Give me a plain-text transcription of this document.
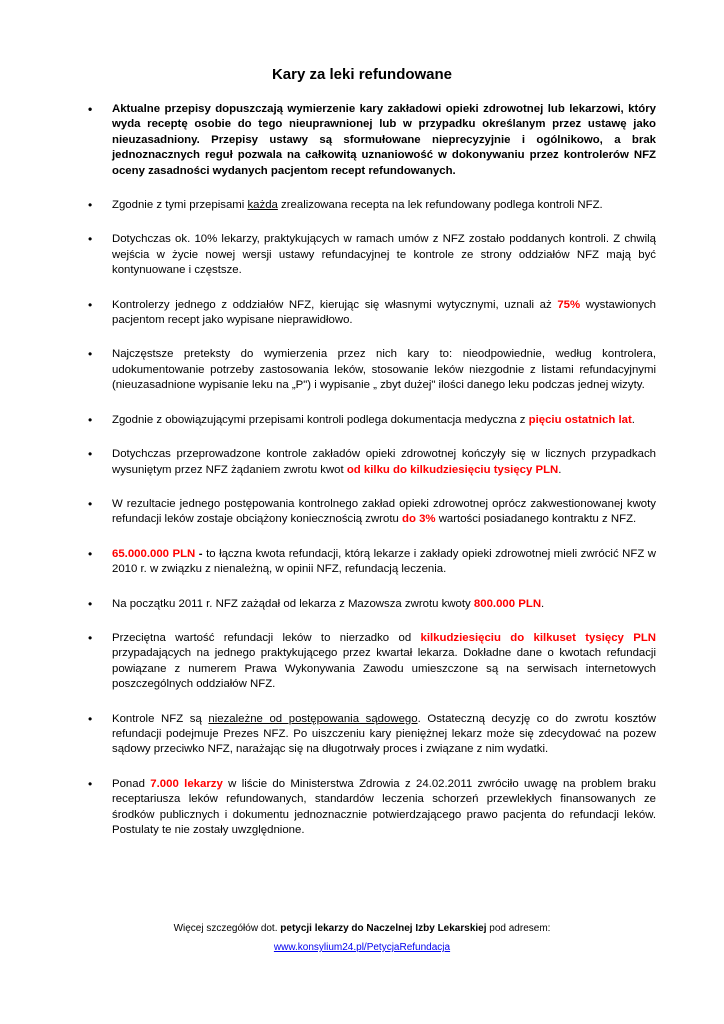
Kary za leki refundowane
• Aktualne przepisy dopuszczają wymierzenie kary zakładowi opieki zdrowotnej lub lekarzowi, który wyda receptę osobie do tego nieuprawnionej lub w przypadku określanym przez ustawę jako nieuzasadniony. Przepisy ustawy są sformułowane nieprecyzyjnie i ogólnikowo, a brak jednoznacznych reguł pozwala na całkowitą uznaniowość w dokonywaniu przez kontrolerów NFZ oceny zasadności wydanych pacjentom recept refundowanych.
• Zgodnie z tymi przepisami każda zrealizowana recepta na lek refundowany podlega kontroli NFZ.
• Dotychczas ok. 10% lekarzy, praktykujących w ramach umów z NFZ zostało poddanych kontroli. Z chwilą wejścia w życie nowej wersji ustawy refundacyjnej te kontrole ze strony oddziałów NFZ mają być kontynuowane i częstsze.
• Kontrolerzy jednego z oddziałów NFZ, kierując się własnymi wytycznymi, uznali aż 75% wystawionych pacjentom recept jako wypisane nieprawidłowo.
• Najczęstsze preteksty do wymierzenia przez nich kary to: nieodpowiednie, według kontrolera, udokumentowanie potrzeby zastosowania leków, stosowanie leków niezgodnie z listami refundacyjnymi (nieuzasadnione wypisanie leku na „P") i wypisanie „ zbyt dużej" ilości danego leku podczas jednej wizyty.
• Zgodnie z obowiązującymi przepisami kontroli podlega dokumentacja medyczna z pięciu ostatnich lat.
• Dotychczas przeprowadzone kontrole zakładów opieki zdrowotnej kończyły się w licznych przypadkach wysuniętym przez NFZ żądaniem zwrotu kwot od kilku do kilkudziesięciu tysięcy PLN.
• W rezultacie jednego postępowania kontrolnego zakład opieki zdrowotnej oprócz zakwestionowanej kwoty refundacji leków zostaje obciążony koniecznością zwrotu do 3% wartości posiadanego kontraktu z NFZ.
• 65.000.000 PLN - to łączna kwota refundacji, którą lekarze i zakłady opieki zdrowotnej mieli zwrócić NFZ w 2010 r. w związku z nienależną, w opinii NFZ, refundacją leczenia.
• Na początku 2011 r. NFZ zażądał od lekarza z Mazowsza zwrotu kwoty 800.000 PLN.
• Przeciętna wartość refundacji leków to nierzadko od kilkudziesięciu do kilkuset tysięcy PLN przypadających na jednego praktykującego przez kwartał lekarza. Dokładne dane o kwotach refundacji powiązane z numerem Prawa Wykonywania Zawodu umieszczone są na serwisach internetowych poszczególnych oddziałów NFZ.
• Kontrole NFZ są niezależne od postępowania sądowego. Ostateczną decyzję co do zwrotu kosztów refundacji podejmuje Prezes NFZ. Po uiszczeniu kary pieniężnej lekarz może się zdecydować na pozew sądowy przeciwko NFZ, narażając się na długotrwały proces i związane z nim wydatki.
• Ponad 7.000 lekarzy w liście do Ministerstwa Zdrowia z 24.02.2011 zwróciło uwagę na problem braku receptariusza leków refundowanych, standardów leczenia schorzeń przewlekłych finansowanych ze środków publicznych i dokumentu jednoznacznie potwierdzającego prawo pacjenta do refundacji leków. Postulaty te nie zostały uwzględnione.

Więcej szczegółów dot. petycji lekarzy do Naczelnej Izby Lekarskiej pod adresem:

www.konsylium24.pl/PetycjaRefundacja
